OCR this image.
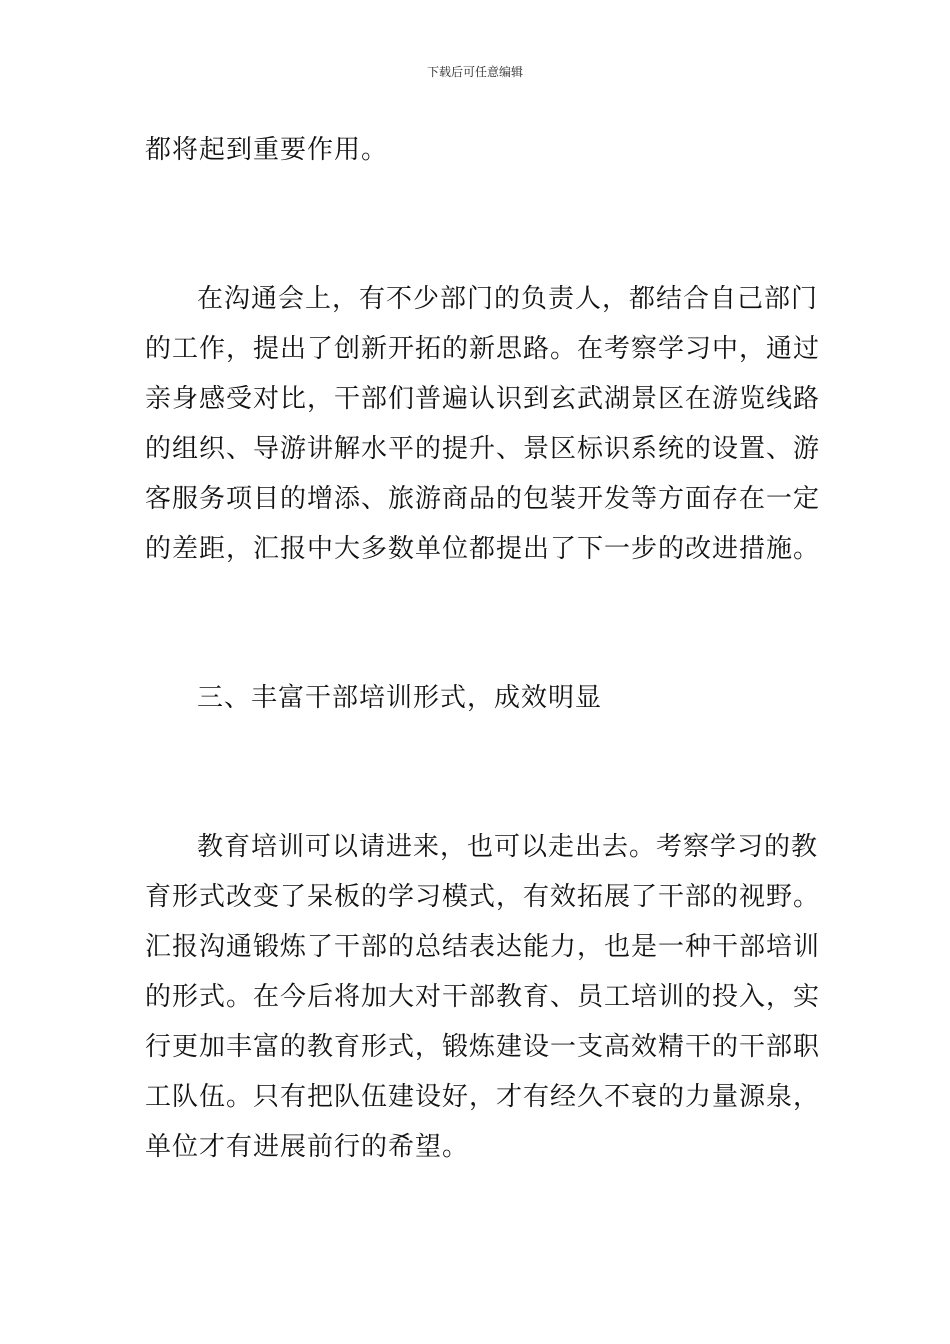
下载后可任意编辑
都将起到重要作用。
在沟通会上，有不少部门的负责人，都结合自己部门
的工作，提出了创新开拓的新思路。在考察学习中，通过
亲身感受对比，干部们普遍认识到玄武湖景区在游览线路
的组织、导游讲解水平的提升、景区标识系统的设置、游
客服务项目的增添、旅游商品的包装开发等方面存在一定
的差距，汇报中大多数单位都提出了下一步的改进措施。
三、丰富干部培训形式，成效明显
教育培训可以请进来，也可以走出去。考察学习的教
育形式改变了呆板的学习模式，有效拓展了干部的视野。
汇报沟通锻炼了干部的总结表达能力，也是一种干部培训
的形式。在今后将加大对干部教育、员工培训的投入，实
行更加丰富的教育形式，锻炼建设一支高效精干的干部职
工队伍。只有把队伍建设好，才有经久不衰的力量源泉，
单位才有进展前行的希望。
